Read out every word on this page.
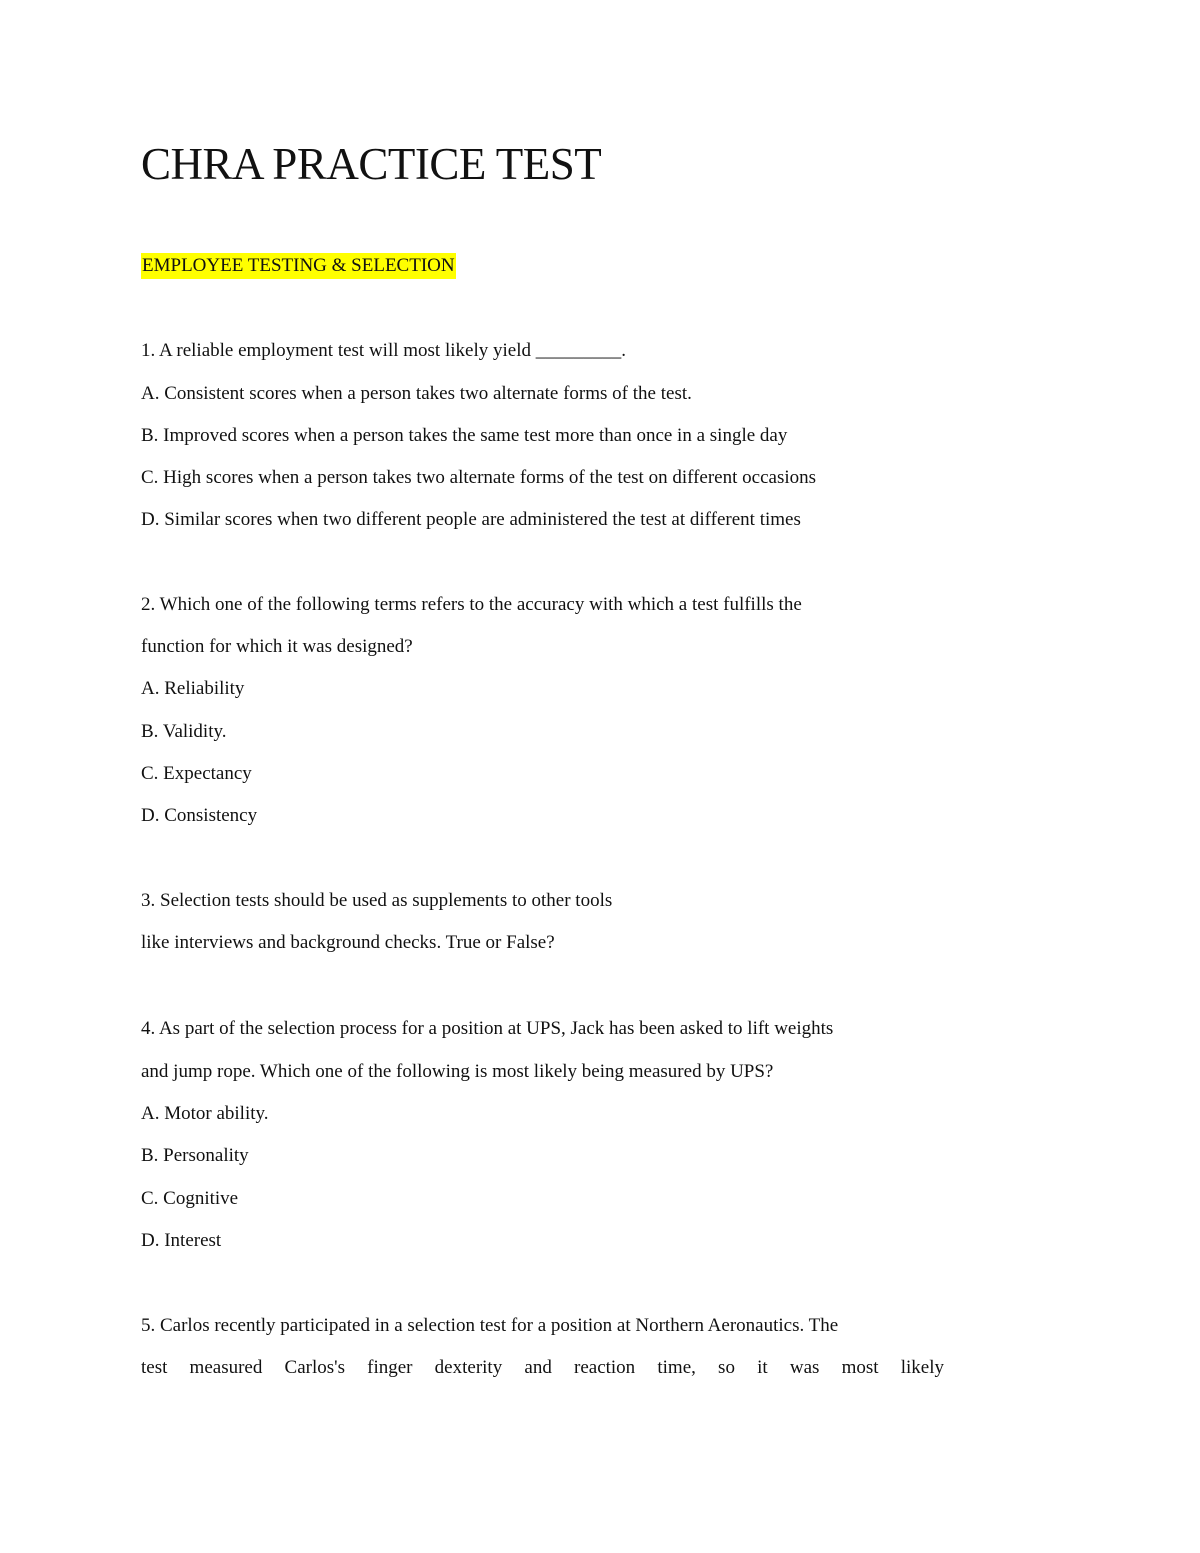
CHRA PRACTICE TEST
EMPLOYEE TESTING & SELECTION
1. A reliable employment test will most likely yield _________.
A. Consistent scores when a person takes two alternate forms of the test.
B. Improved scores when a person takes the same test more than once in a single day
C. High scores when a person takes two alternate forms of the test on different occasions
D. Similar scores when two different people are administered the test at different times
2. Which one of the following terms refers to the accuracy with which a test fulfills the
function for which it was designed?
A. Reliability
B. Validity.
C. Expectancy
D. Consistency
3. Selection tests should be used as supplements to other tools
like interviews and background checks. True or False?
4. As part of the selection process for a position at UPS, Jack has been asked to lift weights
and jump rope. Which one of the following is most likely being measured by UPS?
A. Motor ability.
B. Personality
C. Cognitive
D. Interest
5. Carlos recently participated in a selection test for a position at Northern Aeronautics. The
test measured Carlos's finger dexterity and reaction time, so it was most likely
